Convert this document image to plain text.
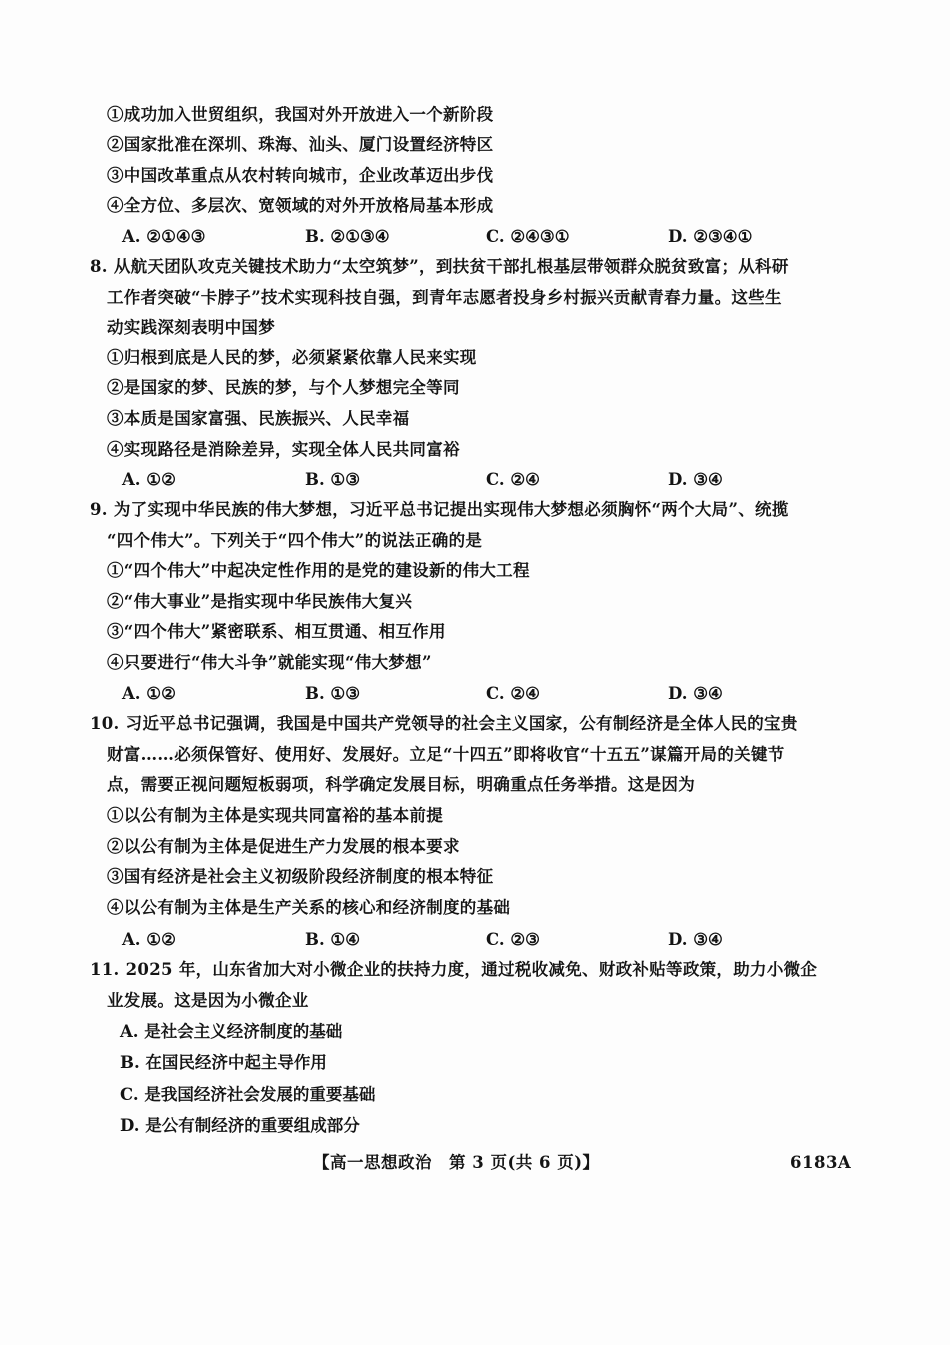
①成功加入世贸组织，我国对外开放进入一个新阶段
②国家批准在深圳、珠海、汕头、厦门设置经济特区
③中国改革重点从农村转向城市，企业改革迈出步伐
④全方位、多层次、宽领域的对外开放格局基本形成
A. ②①④③	B. ②①③④	C. ②④③①	D. ②③④①
8. 从航天团队攻克关键技术助力“太空筑梦”，到扶贫干部扎根基层带领群众脱贫致富；从科研
工作者突破“卡脖子”技术实现科技自强，到青年志愿者投身乡村振兴贡献青春力量。这些生
动实践深刻表明中国梦
①归根到底是人民的梦，必须紧紧依靠人民来实现
②是国家的梦、民族的梦，与个人梦想完全等同
③本质是国家富强、民族振兴、人民幸福
④实现路径是消除差异，实现全体人民共同富裕
A. ①②	B. ①③	C. ②④	D. ③④
9. 为了实现中华民族的伟大梦想，习近平总书记提出实现伟大梦想必须胸怀“两个大局”、统揽
“四个伟大”。下列关于“四个伟大”的说法正确的是
①“四个伟大”中起决定性作用的是党的建设新的伟大工程
②“伟大事业”是指实现中华民族伟大复兴
③“四个伟大”紧密联系、相互贯通、相互作用
④只要进行“伟大斗争”就能实现“伟大梦想”
A. ①②	B. ①③	C. ②④	D. ③④
10. 习近平总书记强调，我国是中国共产党领导的社会主义国家，公有制经济是全体人民的宝贵
财富……必须保管好、使用好、发展好。立足“十四五”即将收官“十五五”谋篇开局的关键节
点，需要正视问题短板弱项，科学确定发展目标，明确重点任务举措。这是因为
①以公有制为主体是实现共同富裕的基本前提
②以公有制为主体是促进生产力发展的根本要求
③国有经济是社会主义初级阶段经济制度的根本特征
④以公有制为主体是生产关系的核心和经济制度的基础
A. ①②	B. ①④	C. ②③	D. ③④
11. 2025 年，山东省加大对小微企业的扶持力度，通过税收减免、财政补贴等政策，助力小微企
业发展。这是因为小微企业
A. 是社会主义经济制度的基础
B. 在国民经济中起主导作用
C. 是我国经济社会发展的重要基础
D. 是公有制经济的重要组成部分
【高一思想政治　第 3 页(共 6 页)】	6183A
